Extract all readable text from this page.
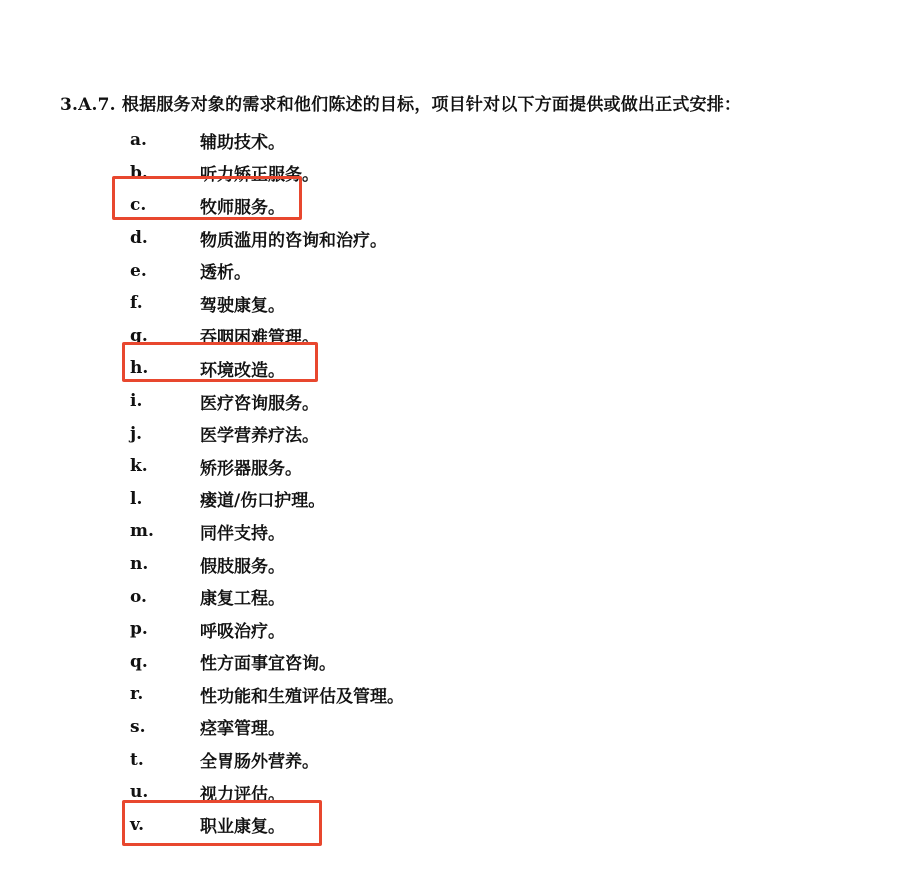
3.A.7. 根据服务对象的需求和他们陈述的目标，项目针对以下方面提供或做出正式安排：
a.	辅助技术。
b.	听力矫正服务。
c.	牧师服务。
d.	物质滥用的咨询和治疗。
e.	透析。
f.	驾驶康复。
g.	吞咽困难管理。
h.	环境改造。
i.	医疗咨询服务。
j.	医学营养疗法。
k.	矫形器服务。
l.	瘘道/伤口护理。
m.	同伴支持。
n.	假肢服务。
o.	康复工程。
p.	呼吸治疗。
q.	性方面事宜咨询。
r.	性功能和生殖评估及管理。
s.	痉挛管理。
t.	全胃肠外营养。
u.	视力评估。
v.	职业康复。
